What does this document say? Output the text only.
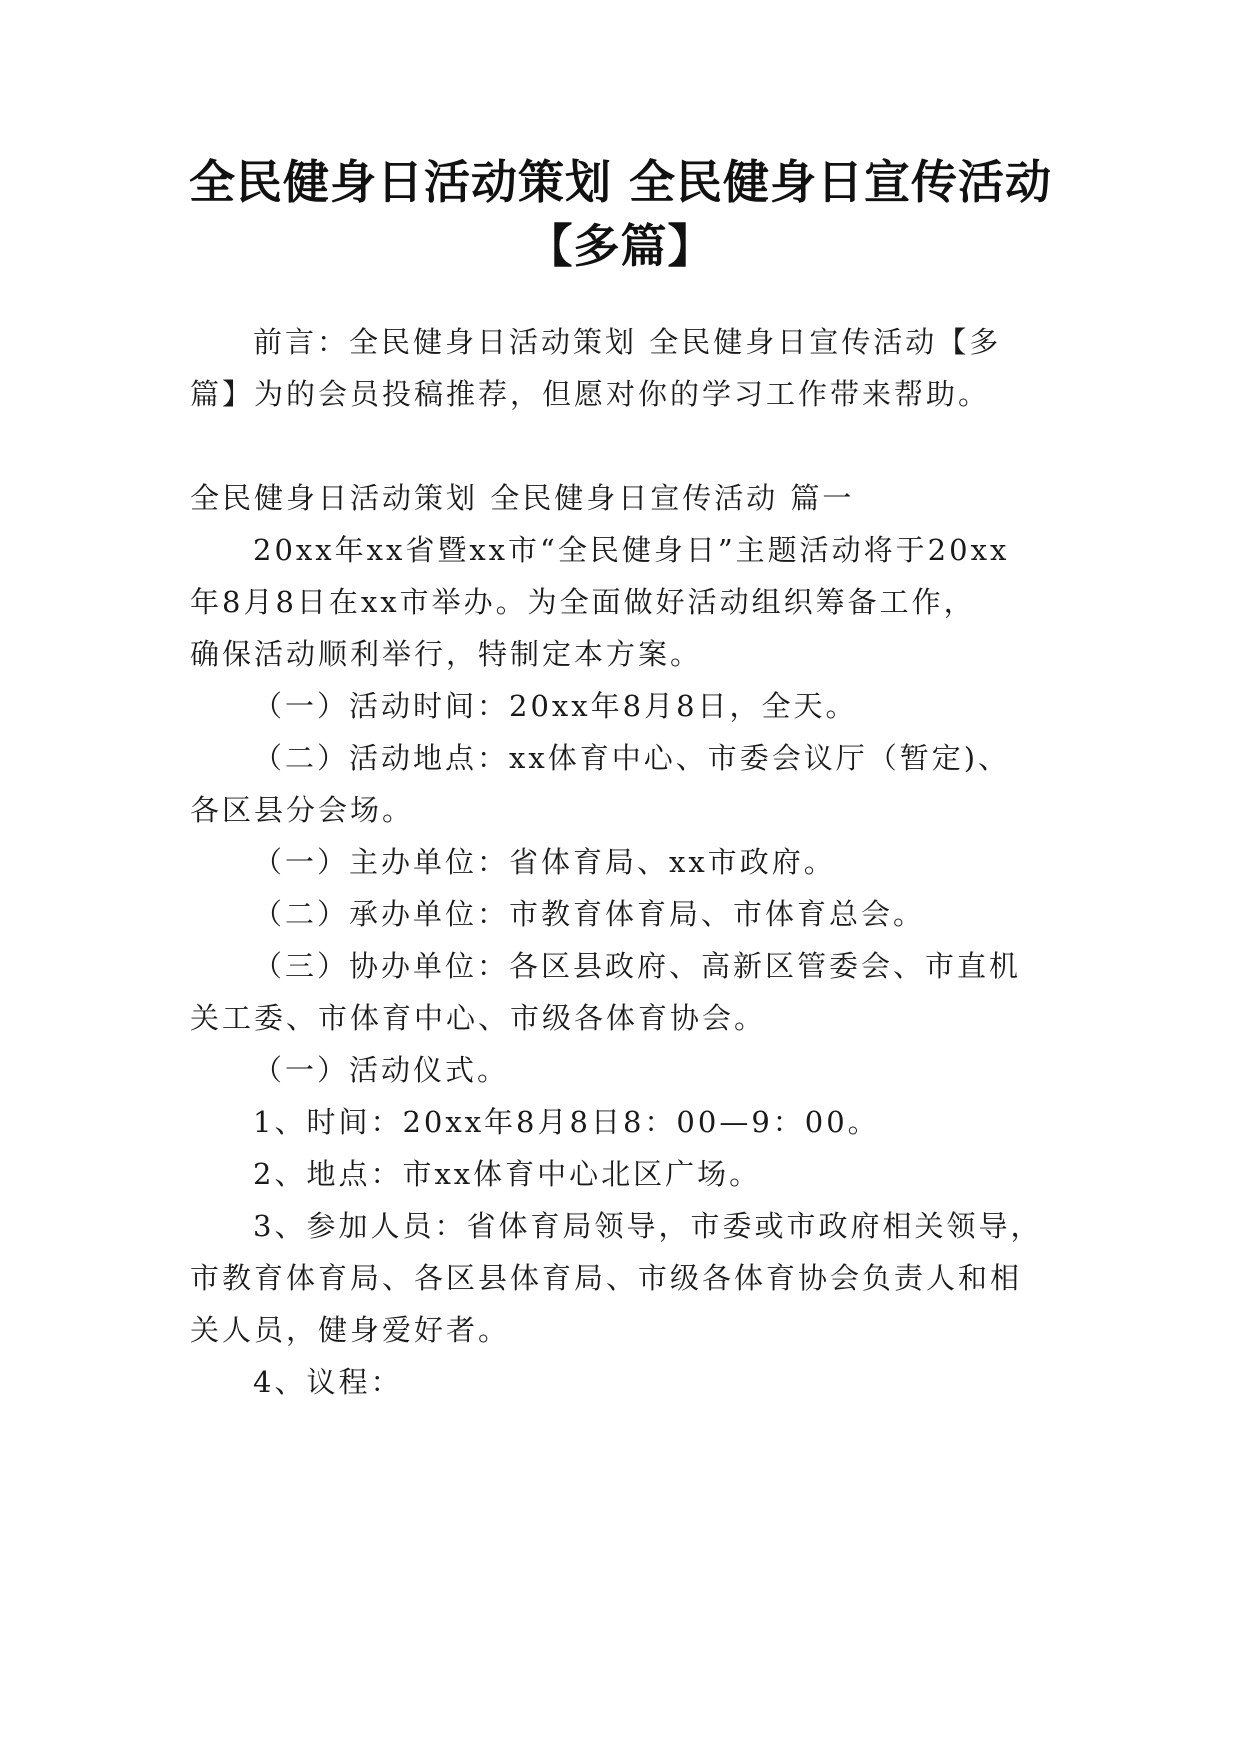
全民健身日活动策划 全民健身日宣传活动
【多篇】
前言：全民健身日活动策划 全民健身日宣传活动【多
篇】为的会员投稿推荐，但愿对你的学习工作带来帮助。
全民健身日活动策划 全民健身日宣传活动 篇一
20xx年xx省暨xx市“全民健身日”主题活动将于20xx
年8月8日在xx市举办。为全面做好活动组织筹备工作，
确保活动顺利举行，特制定本方案。
（一）活动时间：20xx年8月8日，全天。
（二）活动地点：xx体育中心、市委会议厅（暂定)、
各区县分会场。
（一）主办单位：省体育局、xx市政府。
（二）承办单位：市教育体育局、市体育总会。
（三）协办单位：各区县政府、高新区管委会、市直机
关工委、市体育中心、市级各体育协会。
（一）活动仪式。
1、时间：20xx年8月8日8：00—9：00。
2、地点：市xx体育中心北区广场。
3、参加人员：省体育局领导，市委或市政府相关领导，
市教育体育局、各区县体育局、市级各体育协会负责人和相
关人员，健身爱好者。
4、议程：
